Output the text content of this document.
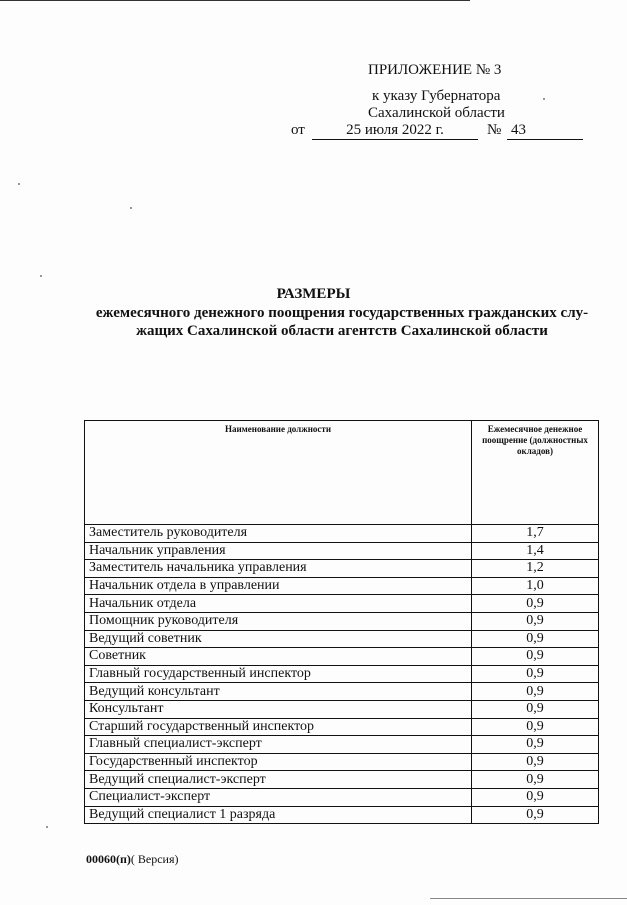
ПРИЛОЖЕНИЕ № 3
к указу Губернатора
Сахалинской области
от	25 июля 2022 г.	№ 43
РАЗМЕРЫ
ежемесячного денежного поощрения государственных гражданских слу-жащих Сахалинской области агентств Сахалинской области
Наименование должности	Ежемесячное денежное поощрение (должностных окладов)
Заместитель руководителя	1,7
Начальник управления	1,4
Заместитель начальника управления	1,2
Начальник отдела в управлении	1,0
Начальник отдела	0,9
Помощник руководителя	0,9
Ведущий советник	0,9
Советник	0,9
Главный государственный инспектор	0,9
Ведущий консультант	0,9
Консультант	0,9
Старший государственный инспектор	0,9
Главный специалист-эксперт	0,9
Государственный инспектор	0,9
Ведущий специалист-эксперт	0,9
Специалист-эксперт	0,9
Ведущий специалист 1 разряда	0,9
00060(п)( Версия)
